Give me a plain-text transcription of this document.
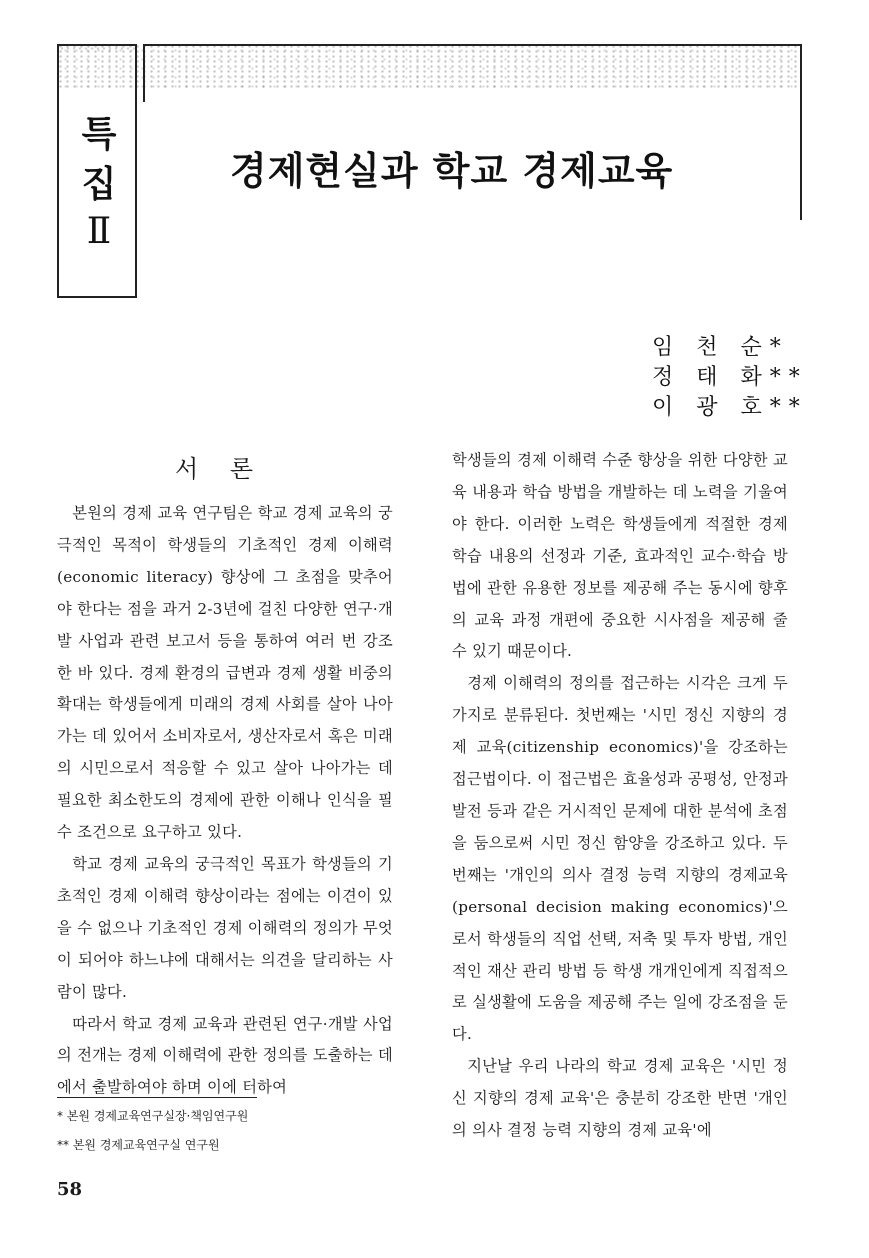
특
집
Ⅱ
경제현실과 학교 경제교육
임 천 순*
정 태 화**
이 광 호**
서 론

본원의 경제 교육 연구팀은 학교 경제 교육의 궁극적인 목적이 학생들의 기초적인 경제 이해력(economic literacy) 향상에 그 초점을 맞추어야 한다는 점을 과거 2-3년에 걸친 다양한 연구·개발 사업과 관련 보고서 등을 통하여 여러 번 강조한 바 있다. 경제 환경의 급변과 경제 생활 비중의 확대는 학생들에게 미래의 경제 사회를 살아 나아가는 데 있어서 소비자로서, 생산자로서 혹은 미래의 시민으로서 적응할 수 있고 살아 나아가는 데 필요한 최소한도의 경제에 관한 이해나 인식을 필수 조건으로 요구하고 있다.

학교 경제 교육의 궁극적인 목표가 학생들의 기초적인 경제 이해력 향상이라는 점에는 이견이 있을 수 없으나 기초적인 경제 이해력의 정의가 무엇이 되어야 하느냐에 대해서는 의견을 달리하는 사람이 많다.

따라서 학교 경제 교육과 관련된 연구·개발 사업의 전개는 경제 이해력에 관한 정의를 도출하는 데에서 출발하여야 하며 이에 터하여

학생들의 경제 이해력 수준 향상을 위한 다양한 교육 내용과 학습 방법을 개발하는 데 노력을 기울여야 한다. 이러한 노력은 학생들에게 적절한 경제 학습 내용의 선정과 기준, 효과적인 교수·학습 방법에 관한 유용한 정보를 제공해 주는 동시에 향후의 교육 과정 개편에 중요한 시사점을 제공해 줄 수 있기 때문이다.

경제 이해력의 정의를 접근하는 시각은 크게 두 가지로 분류된다. 첫번째는 '시민 정신 지향의 경제 교육(citizenship economics)'을 강조하는 접근법이다. 이 접근법은 효율성과 공평성, 안정과 발전 등과 같은 거시적인 문제에 대한 분석에 초점을 둠으로써 시민 정신 함양을 강조하고 있다. 두번째는 '개인의 의사 결정 능력 지향의 경제교육(personal decision making economics)'으로서 학생들의 직업 선택, 저축 및 투자 방법, 개인적인 재산 관리 방법 등 학생 개개인에게 직접적으로 실생활에 도움을 제공해 주는 일에 강조점을 둔다.

지난날 우리 나라의 학교 경제 교육은 '시민 정신 지향의 경제 교육'은 충분히 강조한 반면 '개인의 의사 결정 능력 지향의 경제 교육'에

* 본원 경제교육연구실장·책임연구원
** 본원 경제교육연구실 연구원
58
